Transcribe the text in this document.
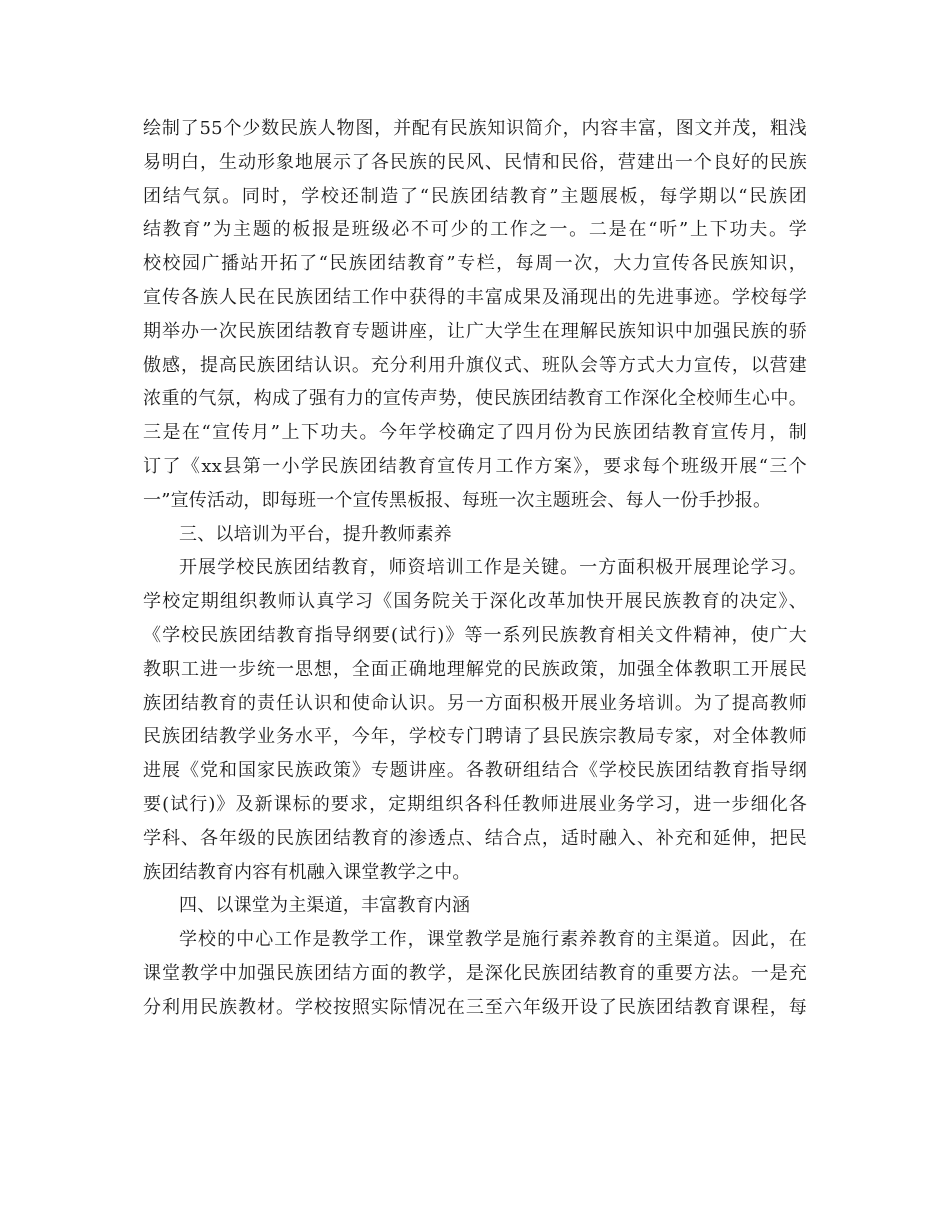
绘制了55个少数民族人物图，并配有民族知识简介，内容丰富，图文并茂，粗浅
易明白，生动形象地展示了各民族的民风、民情和民俗，营建出一个良好的民族
团结气氛。同时，学校还制造了“民族团结教育”主题展板，每学期以“民族团
结教育”为主题的板报是班级必不可少的工作之一。二是在“听”上下功夫。学
校校园广播站开拓了“民族团结教育”专栏，每周一次，大力宣传各民族知识，
宣传各族人民在民族团结工作中获得的丰富成果及涌现出的先进事迹。学校每学
期举办一次民族团结教育专题讲座，让广大学生在理解民族知识中加强民族的骄
傲感，提高民族团结认识。充分利用升旗仪式、班队会等方式大力宣传，以营建
浓重的气氛，构成了强有力的宣传声势，使民族团结教育工作深化全校师生心中。
三是在“宣传月”上下功夫。今年学校确定了四月份为民族团结教育宣传月，制
订了《xx县第一小学民族团结教育宣传月工作方案》，要求每个班级开展“三个
一”宣传活动，即每班一个宣传黑板报、每班一次主题班会、每人一份手抄报。
三、以培训为平台，提升教师素养
开展学校民族团结教育，师资培训工作是关键。一方面积极开展理论学习。
学校定期组织教师认真学习《国务院关于深化改革加快开展民族教育的决定》、
《学校民族团结教育指导纲要(试行)》等一系列民族教育相关文件精神，使广大
教职工进一步统一思想，全面正确地理解党的民族政策，加强全体教职工开展民
族团结教育的责任认识和使命认识。另一方面积极开展业务培训。为了提高教师
民族团结教学业务水平，今年，学校专门聘请了县民族宗教局专家，对全体教师
进展《党和国家民族政策》专题讲座。各教研组结合《学校民族团结教育指导纲
要(试行)》及新课标的要求，定期组织各科任教师进展业务学习，进一步细化各
学科、各年级的民族团结教育的渗透点、结合点，适时融入、补充和延伸，把民
族团结教育内容有机融入课堂教学之中。
四、以课堂为主渠道，丰富教育内涵
学校的中心工作是教学工作，课堂教学是施行素养教育的主渠道。因此，在
课堂教学中加强民族团结方面的教学，是深化民族团结教育的重要方法。一是充
分利用民族教材。学校按照实际情况在三至六年级开设了民族团结教育课程，每
